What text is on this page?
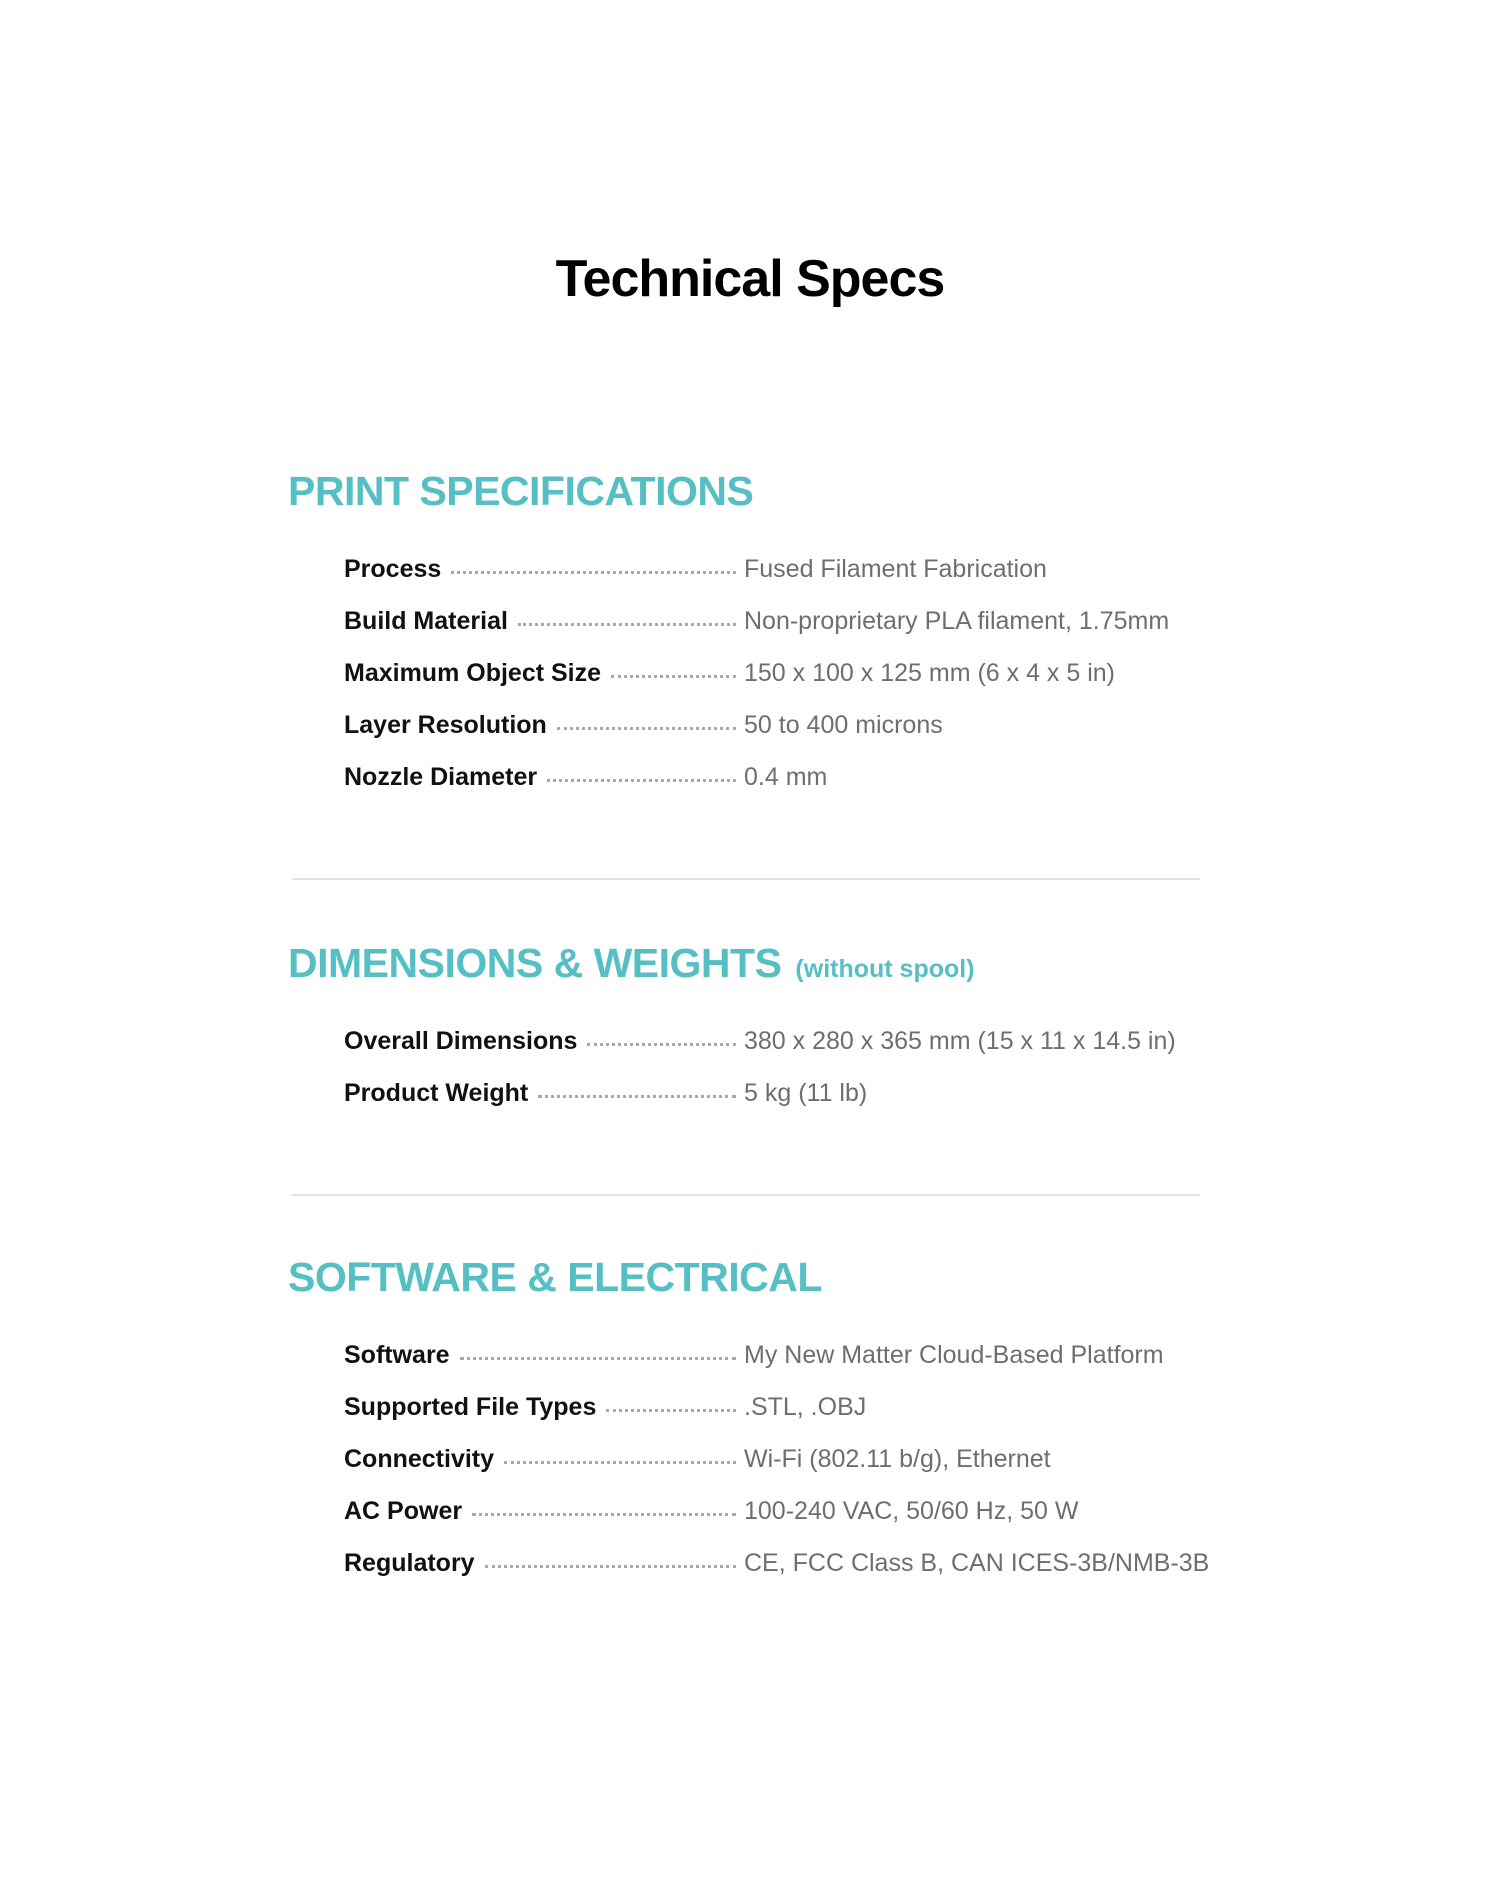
Technical Specs
PRINT SPECIFICATIONS
Process	Fused Filament Fabrication
Build Material	Non-proprietary PLA filament, 1.75mm
Maximum Object Size	150 x 100 x 125 mm (6 x 4 x 5 in)
Layer Resolution	50 to 400 microns
Nozzle Diameter	0.4 mm
DIMENSIONS & WEIGHTS (without spool)
Overall Dimensions	380 x 280 x 365 mm (15 x 11 x 14.5 in)
Product Weight	5 kg (11 lb)
SOFTWARE & ELECTRICAL
Software	My New Matter Cloud-Based Platform
Supported File Types	.STL, .OBJ
Connectivity	Wi-Fi (802.11 b/g), Ethernet
AC Power	100-240 VAC, 50/60 Hz, 50 W
Regulatory	CE, FCC Class B, CAN ICES-3B/NMB-3B
